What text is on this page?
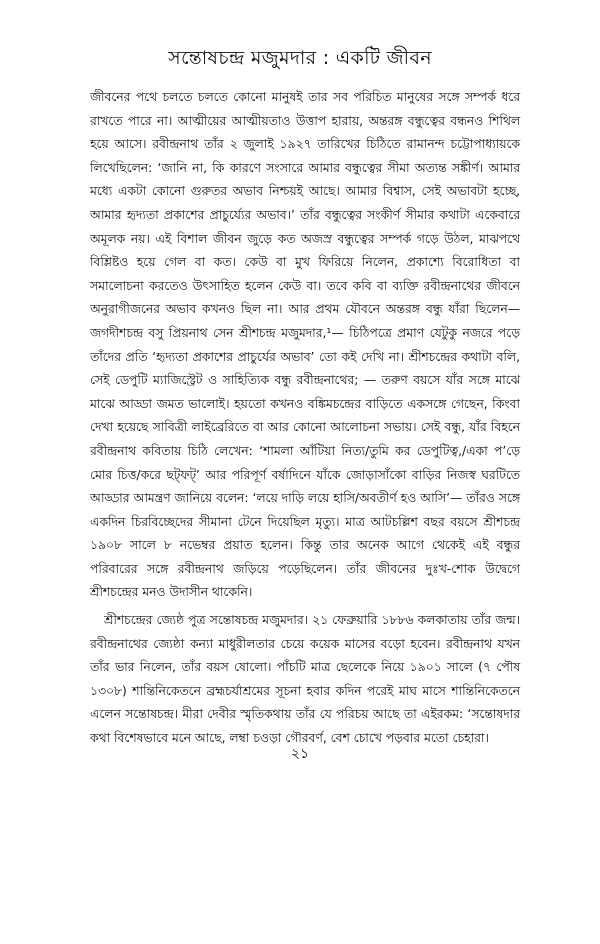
সন্তোষচন্দ্র মজুমদার : একটি জীবন

জীবনের পথে চলতে চলতে কোনো মানুষই তার সব পরিচিত মানুষের সঙ্গে সম্পর্ক ধরে রাখতে পারে না। আত্মীয়ের আত্মীয়তাও উত্তাপ হারায়, অন্তরঙ্গ বন্ধুত্বের বন্ধনও শিথিল হয়ে আসে। রবীন্দ্রনাথ তাঁর ২ জুলাই ১৯২৭ তারিখের চিঠিতে রামানন্দ চট্টোপাধ্যায়কে লিখেছিলেন: ‘জানি না, কি কারণে সংসারে আমার বন্ধুত্বের সীমা অত্যন্ত সঙ্কীর্ণ। আমার মধ্যে একটা কোনো গুরুতর অভাব নিশ্চয়ই আছে। আমার বিশ্বাস, সেই অভাবটা হচ্ছে, আমার হৃদ্যতা প্রকাশের প্রাচুর্য্যের অভাব।’ তাঁর বন্ধুত্বের সংকীর্ণ সীমার কথাটা একেবারে অমূলক নয়। এই বিশাল জীবন জুড়ে কত অজস্র বন্ধুত্বের সম্পর্ক গড়ে উঠল, মাঝপথে বিশ্লিষ্টও হয়ে গেল বা কত। কেউ বা মুখ ফিরিয়ে নিলেন, প্রকাশ্যে বিরোধিতা বা সমালোচনা করতেও উৎসাহিত হলেন কেউ বা। তবে কবি বা ব্যক্তি রবীন্দ্রনাথের জীবনে অনুরাগীজনের অভাব কখনও ছিল না। আর প্রথম যৌবনে অন্তরঙ্গ বন্ধু যাঁরা ছিলেন— জগদীশচন্দ্র বসু প্রিয়নাথ সেন শ্রীশচন্দ্র মজুমদার,¹— চিঠিপত্রে প্রমাণ যেটুকু নজরে পড়ে তাঁদের প্রতি ‘হৃদ্যতা প্রকাশের প্রাচুর্যের অভাব’ তো কই দেখি না। শ্রীশচন্দ্রের কথাটা বলি, সেই ডেপুটি ম্যাজিস্ট্রেট ও সাহিত্যিক বন্ধু রবীন্দ্রনাথের; — তরুণ বয়সে যাঁর সঙ্গে মাঝে মাঝে আড্ডা জমত ভালোই। হয়তো কখনও বঙ্কিমচন্দ্রের বাড়িতে একসঙ্গে গেছেন, কিংবা দেখা হয়েছে সাবিত্রী লাইব্রেরিতে বা আর কোনো আলোচনা সভায়। সেই বন্ধু, যাঁর বিহনে রবীন্দ্রনাথ কবিতায় চিঠি লেখেন: ‘শামলা আঁটিয়া নিত্য/তুমি কর ডেপুটিত্ব,/একা প’ড়ে মোর চিত্ত/করে ছট্‌ফট্’ আর পরিপূর্ণ বর্ষাদিনে যাঁকে জোড়াসাঁকো বাড়ির নিজস্ব ঘরটিতে আড্ডার আমন্ত্রণ জানিয়ে বলেন: ‘লয়ে দাড়ি লয়ে হাসি/অবতীর্ণ হও আসি’— তাঁরও সঙ্গে একদিন চিরবিচ্ছেদের সীমানা টেনে দিয়েছিল মৃত্যু। মাত্র আটচল্লিশ বছর বয়সে শ্রীশচন্দ্র ১৯০৮ সালে ৮ নভেম্বর প্রয়াত হলেন। কিন্তু তার অনেক আগে থেকেই এই বন্ধুর পরিবারের সঙ্গে রবীন্দ্রনাথ জড়িয়ে পড়েছিলেন। তাঁর জীবনের দুঃখ-শোক উদ্বেগে শ্রীশচন্দ্রের মনও উদাসীন থাকেনি।

শ্রীশচন্দ্রের জ্যেষ্ঠ পুত্র সন্তোষচন্দ্র মজুমদার। ২১ ফেব্রুয়ারি ১৮৮৬ কলকাতায় তাঁর জন্ম। রবীন্দ্রনাথের জ্যেষ্ঠা কন্যা মাধুরীলতার চেয়ে কয়েক মাসের বড়ো হবেন। রবীন্দ্রনাথ যখন তাঁর ভার নিলেন, তাঁর বয়স ষোলো। পাঁচটি মাত্র ছেলেকে নিয়ে ১৯০১ সালে (৭ পৌষ ১৩০৮) শান্তিনিকেতনে ব্রহ্মচর্যাশ্রমের সূচনা হবার কদিন পরেই মাঘ মাসে শান্তিনিকেতনে এলেন সন্তোষচন্দ্র। মীরা দেবীর স্মৃতিকথায় তাঁর যে পরিচয় আছে তা এইরকম: ‘সন্তোষদার কথা বিশেষভাবে মনে আছে, লম্বা চওড়া গৌরবর্ণ, বেশ চোখে পড়বার মতো চেহারা।

২১
